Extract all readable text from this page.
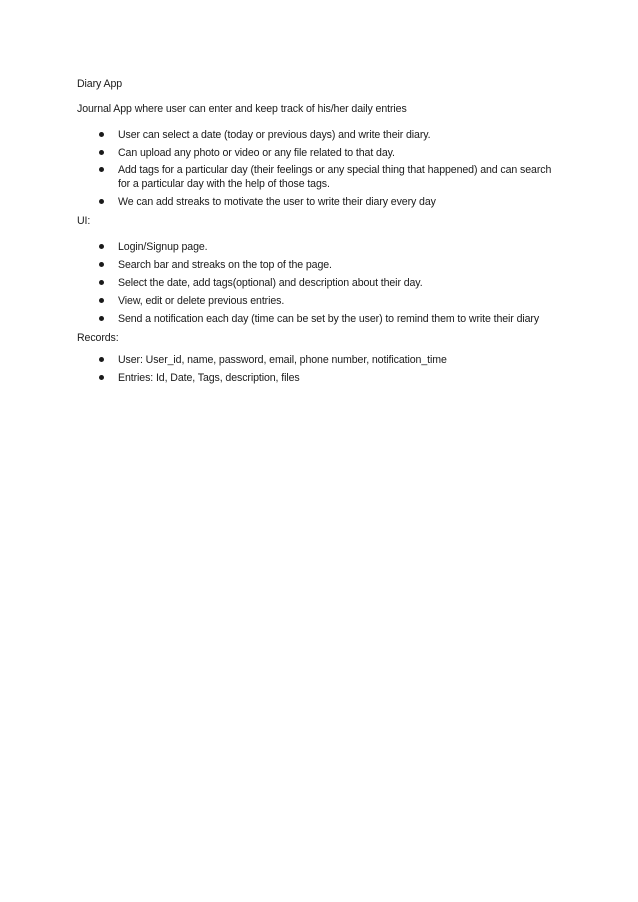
Diary App
Journal App where user can enter and keep track of his/her daily entries
User can select a date (today or previous days) and write their diary.
Can upload any photo or video or any file related to that day.
Add tags for a particular day (their feelings or any special thing that happened) and can search for a particular day with the help of those tags.
We can add streaks to motivate the user to write their diary every day
UI:
Login/Signup page.
Search bar and streaks on the top of the page.
Select the date, add tags(optional) and description about their day.
View, edit or delete previous entries.
Send a notification each day (time can be set by the user) to remind them to write their diary
Records:
User: User_id, name, password, email, phone number, notification_time
Entries: Id, Date, Tags, description, files
